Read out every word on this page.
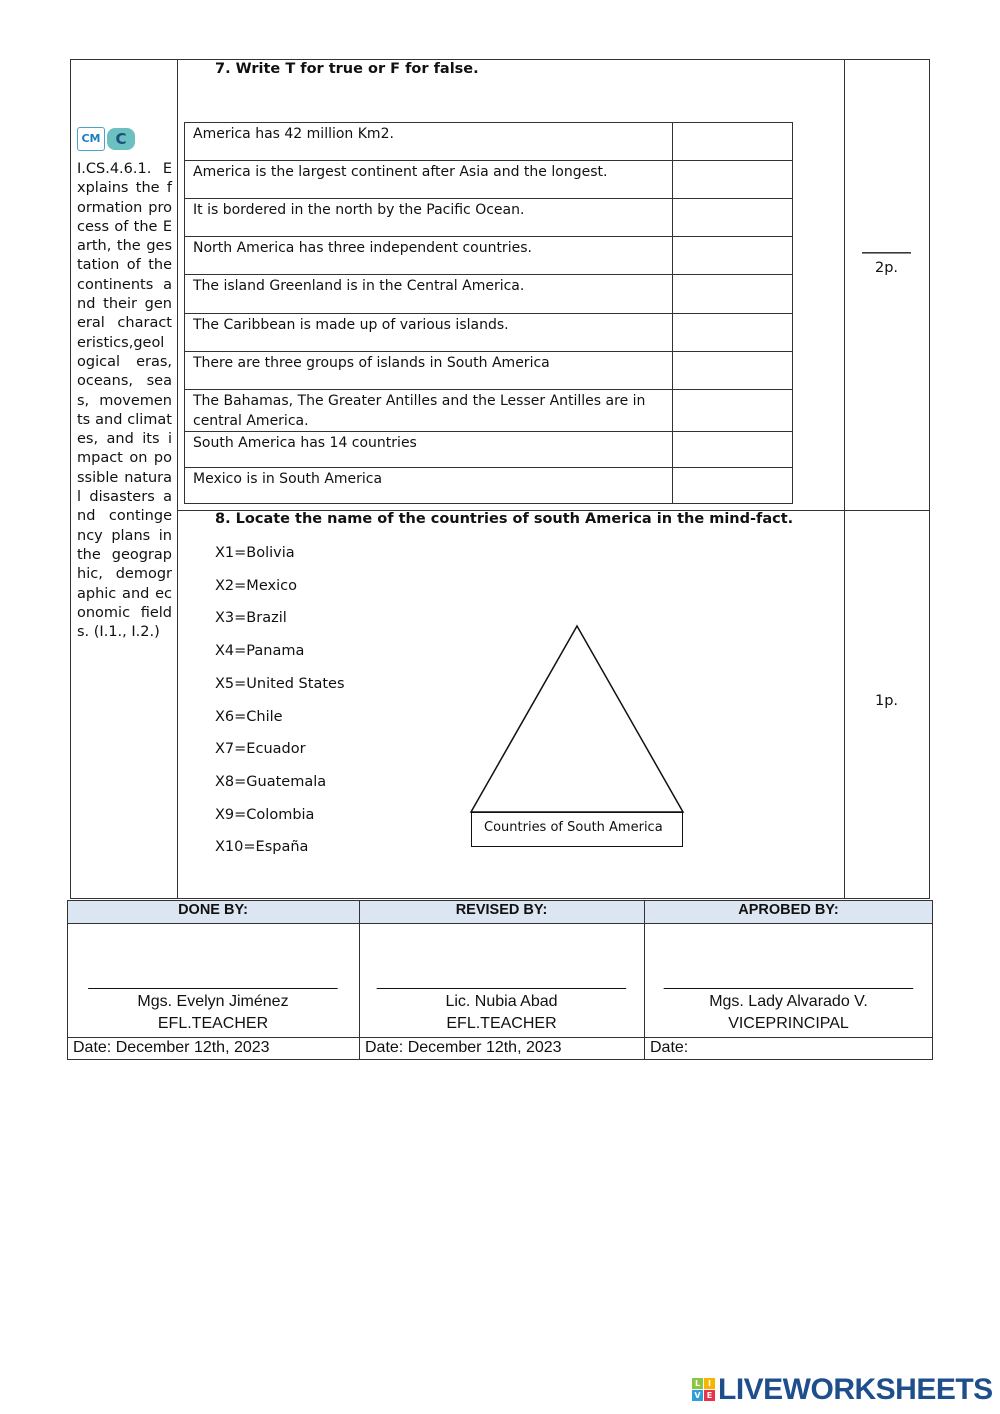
CM C
I.CS.4.6.1. Explains the formation process of the Earth, the gestation of the continents and their general characteristics,geological eras, oceans, seas, movements and climates, and its impact on possible natural disasters and contingency plans in the geographic, demographic and economic fields. (I.1., I.2.)
7. Write T for true or F for false.
America has 42 million Km2.
America is the largest continent after Asia and the longest.
It is bordered in the north by the Pacific Ocean.
North America has three independent countries.
The island Greenland is in the Central America.
The Caribbean is made up of various islands.
There are three groups of islands in South America
The Bahamas, The Greater Antilles and the Lesser Antilles are in central America.
South America has 14 countries
Mexico is in South America
_______
2p.
8. Locate the name of the countries of south America in the mind-fact.
X1=Bolivia
X2=Mexico
X3=Brazil
X4=Panama
X5=United States
X6=Chile
X7=Ecuador
X8=Guatemala
X9=Colombia
X10=España
Countries of South America
1p.
DONE BY:
____________________________
Mgs. Evelyn Jiménez
EFL.TEACHER
Date: December 12th, 2023
REVISED BY:
____________________________
Lic. Nubia Abad
EFL.TEACHER
Date: December 12th, 2023
APROBED BY:
____________________________
Mgs. Lady Alvarado V.
VICEPRINCIPAL
Date:
L I
V E LIVEWORKSHEETS
